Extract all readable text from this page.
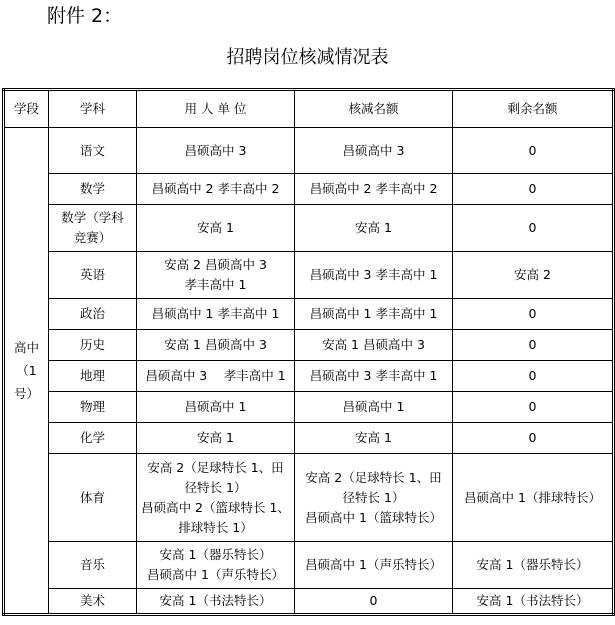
附件 2：
招聘岗位核减情况表
学段	学科	用 人 单 位	核减名额	剩余名额
高中
（1
号）	语文	昌硕高中 3	昌硕高中 3	0
	数学	昌硕高中 2 孝丰高中 2	昌硕高中 2 孝丰高中 2	0
	数学（学科
竞赛）	安高 1	安高 1	0
	英语	安高 2 昌硕高中 3
孝丰高中 1	昌硕高中 3 孝丰高中 1	安高 2
	政治	昌硕高中 1 孝丰高中 1	昌硕高中 1 孝丰高中 1	0
	历史	安高 1 昌硕高中 3	安高 1 昌硕高中 3	0
	地理	昌硕高中 3　 孝丰高中 1	昌硕高中 3 孝丰高中 1	0
	物理	昌硕高中 1	昌硕高中 1	0
	化学	安高 1	安高 1	0
	体育	安高 2（足球特长 1、田
径特长 1）
昌硕高中 2（篮球特长 1、
排球特长 1）	安高 2（足球特长 1、田
径特长 1）
昌硕高中 1（篮球特长）	昌硕高中 1（排球特长）
	音乐	安高 1（器乐特长）
昌硕高中 1（声乐特长）	昌硕高中 1（声乐特长）	安高 1（器乐特长）
	美术	安高 1（书法特长）	0	安高 1（书法特长）
